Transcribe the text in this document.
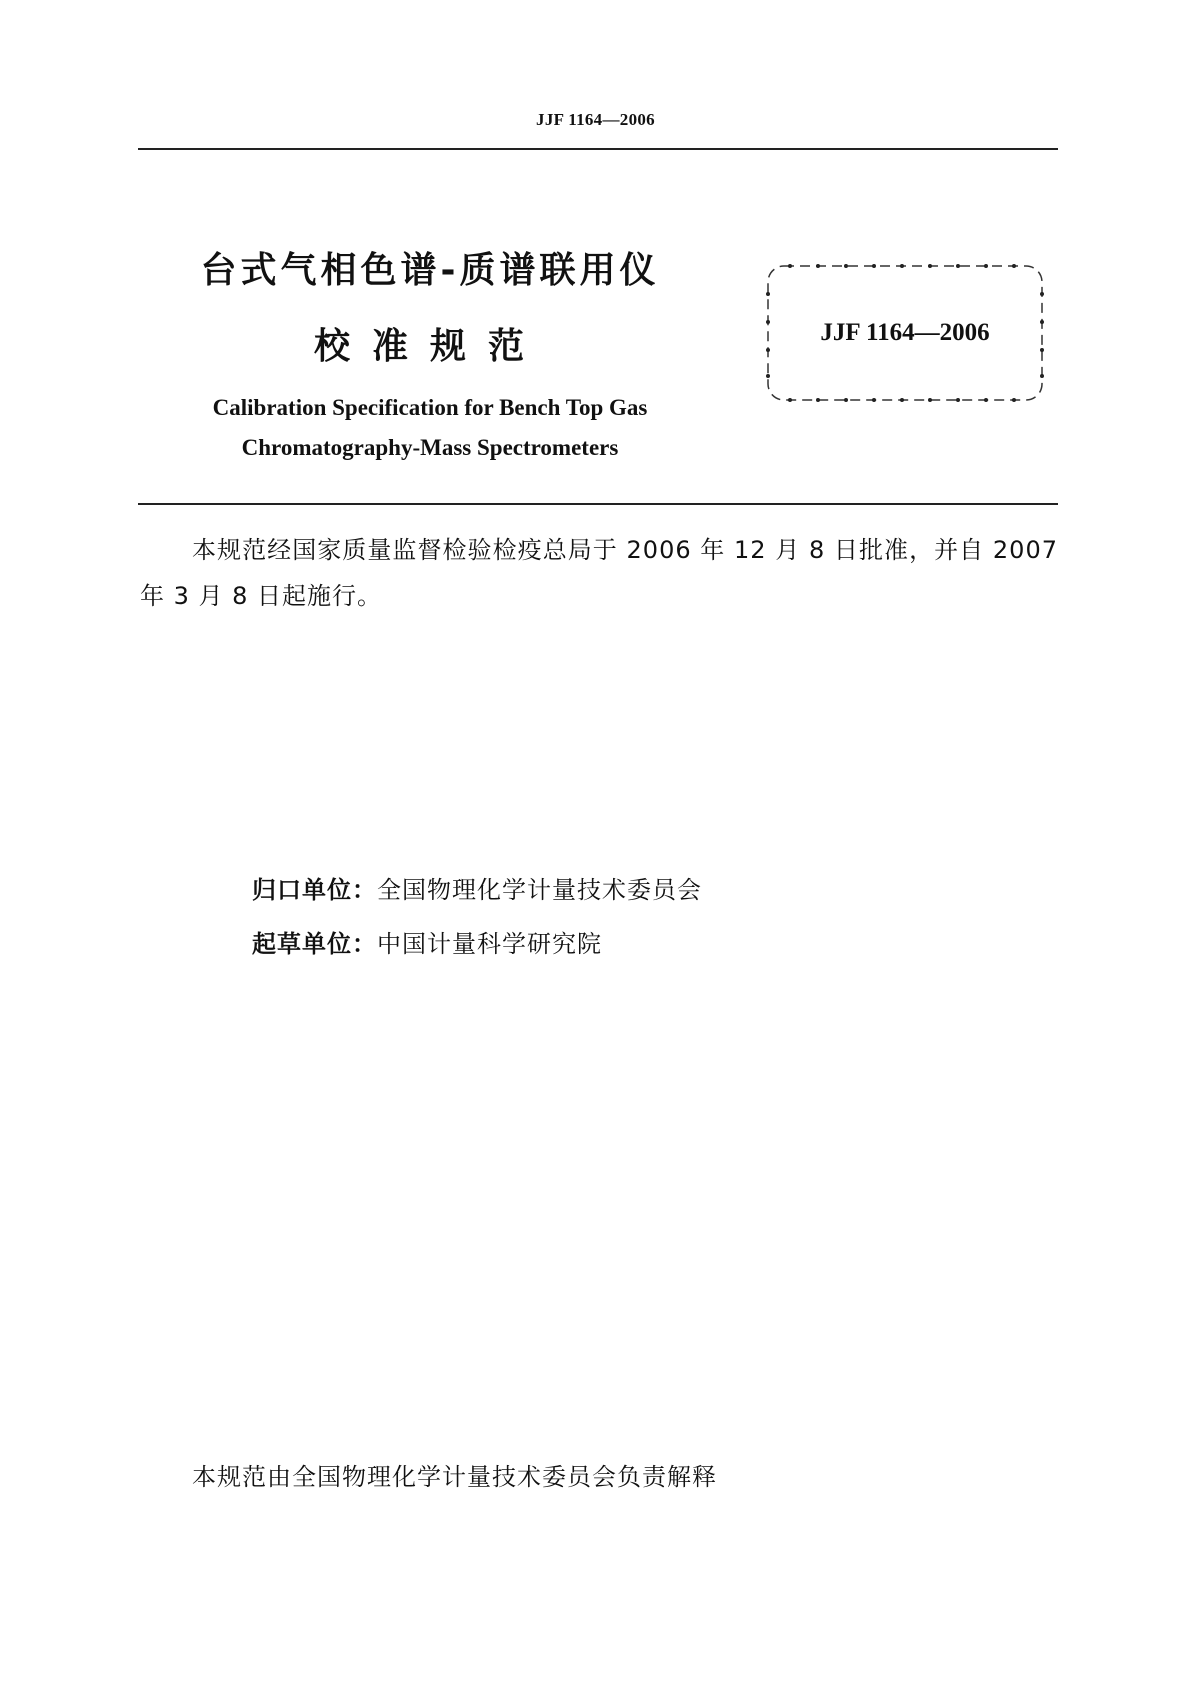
JJF 1164—2006
台式气相色谱-质谱联用仪
校准规范
Calibration Specification for Bench Top Gas
Chromatography-Mass Spectrometers
JJF 1164—2006
本规范经国家质量监督检验检疫总局于 2006 年 12 月 8 日批准，并自 2007 年 3 月 8 日起施行。
归口单位：全国物理化学计量技术委员会
起草单位：中国计量科学研究院
本规范由全国物理化学计量技术委员会负责解释
